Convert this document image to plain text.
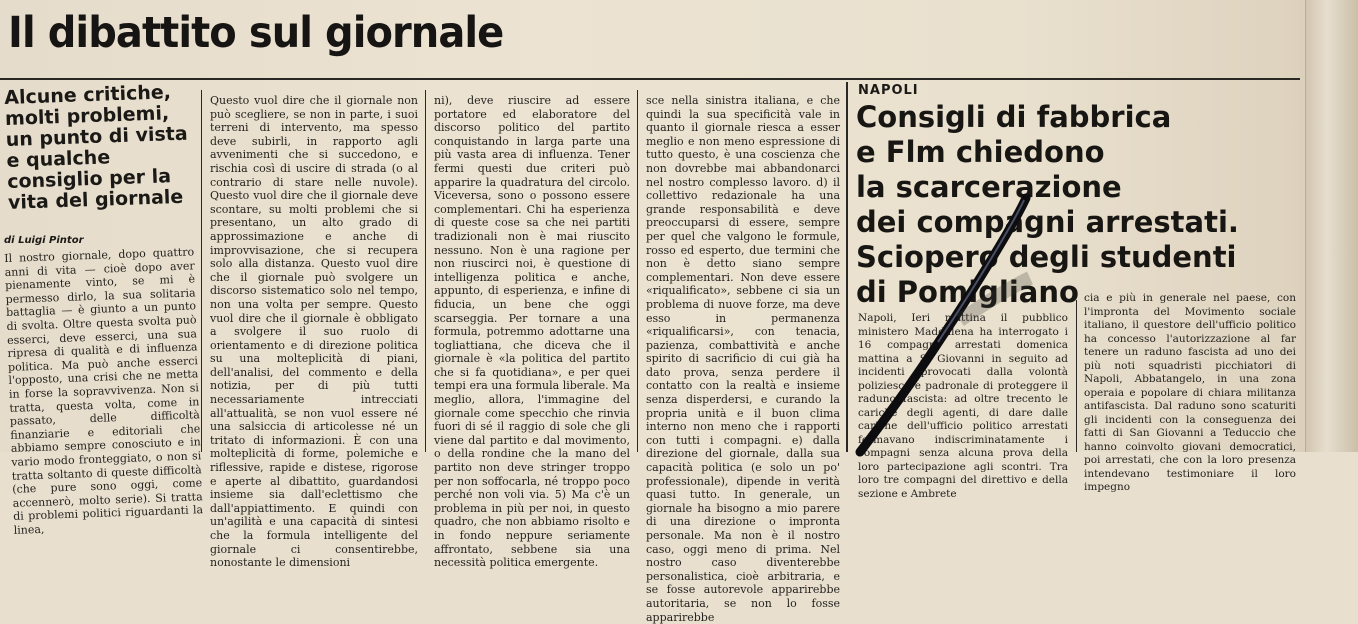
Il dibattito sul giornale
Alcune critiche,
molti problemi,
un punto di vista
e qualche
consiglio per la
vita del giornale
di Luigi Pintor

Il nostro giornale, dopo quattro anni di vita — cioè dopo aver pienamente vinto, se mi è permesso dirlo, la sua solitaria battaglia — è giunto a un punto di svolta. Oltre questa svolta può esserci, deve esserci, una sua ripresa di qualità e di influenza politica. Ma può anche esserci l'opposto, una crisi che ne metta in forse la sopravvivenza. Non si tratta, questa volta, come in passato, delle difficoltà finanziarie e editoriali che abbiamo sempre conosciuto e in vario modo fronteggiato, o non si tratta soltanto di queste difficoltà (che pure sono oggi, come accennerò, molto serie). Si tratta di problemi politici riguardanti la linea,

Questo vuol dire che il giornale non può scegliere, se non in parte, i suoi terreni di intervento, ma spesso deve subirli, in rapporto agli avvenimenti che si succedono, e rischia così di uscire di strada (o al contrario di stare nelle nuvole). Questo vuol dire che il giornale deve scontare, su molti problemi che si presentano, un alto grado di approssimazione e anche di improvvisazione, che si recupera solo alla distanza. Questo vuol dire che il giornale può svolgere un discorso sistematico solo nel tempo, non una volta per sempre. Questo vuol dire che il giornale è obbligato a svolgere il suo ruolo di orientamento e di direzione politica su una molteplicità di piani, dell'analisi, del commento e della notizia, per di più tutti necessariamente intrecciati all'attualità, se non vuol essere né una salsiccia di articolesse né un tritato di informazioni. È con una molteplicità di forme, polemiche e riflessive, rapide e distese, rigorose e aperte al dibattito, guardandosi insieme sia dall'eclettismo che dall'appiattimento. E quindi con un'agilità e una capacità di sintesi che la formula intelligente del giornale ci consentirebbe, nonostante le dimensioni

ni), deve riuscire ad essere portatore ed elaboratore del discorso politico del partito conquistando in larga parte una più vasta area di influenza. Tener fermi questi due criteri può apparire la quadratura del circolo. Viceversa, sono o possono essere complementari. Chi ha esperienza di queste cose sa che nei partiti tradizionali non è mai riuscito nessuno. Non è una ragione per non riuscirci noi, è questione di intelligenza politica e anche, appunto, di esperienza, e infine di fiducia, un bene che oggi scarseggia. Per tornare a una formula, potremmo adottarne una togliattiana, che diceva che il giornale è «la politica del partito che si fa quotidiana», e per quei tempi era una formula liberale. Ma meglio, allora, l'immagine del giornale come specchio che rinvia fuori di sé il raggio di sole che gli viene dal partito e dal movimento, o della rondine che la mano del partito non deve stringer troppo per non soffocarla, né troppo poco perché non voli via. 5) Ma c'è un problema in più per noi, in questo quadro, che non abbiamo risolto e in fondo neppure seriamente affrontato, sebbene sia una necessità politica emergente.

sce nella sinistra italiana, e che quindi la sua specificità vale in quanto il giornale riesca a esser meglio e non meno espressione di tutto questo, è una coscienza che non dovrebbe mai abbandonarci nel nostro complesso lavoro. d) il collettivo redazionale ha una grande responsabilità e deve preoccuparsi di essere, sempre per quel che valgono le formule, rosso ed esperto, due termini che non è detto siano sempre complementari. Non deve essere «riqualificato», sebbene ci sia un problema di nuove forze, ma deve esso in permanenza «riqualificarsi», con tenacia, pazienza, combattività e anche spirito di sacrificio di cui già ha dato prova, senza perdere il contatto con la realtà e insieme senza disperdersi, e curando la propria unità e il buon clima interno non meno che i rapporti con tutti i compagni. e) dalla direzione del giornale, dalla sua capacità politica (e solo un po' professionale), dipende in verità quasi tutto. In generale, un giornale ha bisogno a mio parere di una direzione o impronta personale. Ma non è il nostro caso, oggi meno di prima. Nel nostro caso diventerebbe personalistica, cioè arbitraria, e se fosse autorevole apparirebbe autoritaria, se non lo fosse apparirebbe

NAPOLI
Consigli di fabbrica
e Flm chiedono
la scarcerazione
dei compagni arrestati.
Sciopero degli studenti
di Pomigliano

Napoli, Ieri mattina il pubblico ministero Maddalena ha interrogato i 16 compagni arrestati domenica mattina a S. Giovanni in seguito ad incidenti provocati dalla volontà poliziesca e padronale di proteggere il raduno fascista: ad oltre trecento le cariche degli agenti, di dare dalle cariche dell'ufficio politico arrestati fermavano indiscriminatamente i compagni senza alcuna prova della loro partecipazione agli scontri. Tra loro tre compagni del direttivo e della sezione e Ambrete

cia e più in generale nel paese, con l'impronta del Movimento sociale italiano, il questore dell'ufficio politico ha concesso l'autorizzazione al far tenere un raduno fascista ad uno dei più noti squadristi picchiatori di Napoli, Abbatangelo, in una zona operaia e popolare di chiara militanza antifascista. Dal raduno sono scaturiti gli incidenti con la conseguenza dei fatti di San Giovanni a Teduccio che hanno coinvolto giovani democratici, poi arrestati, che con la loro presenza intendevano testimoniare il loro impegno
